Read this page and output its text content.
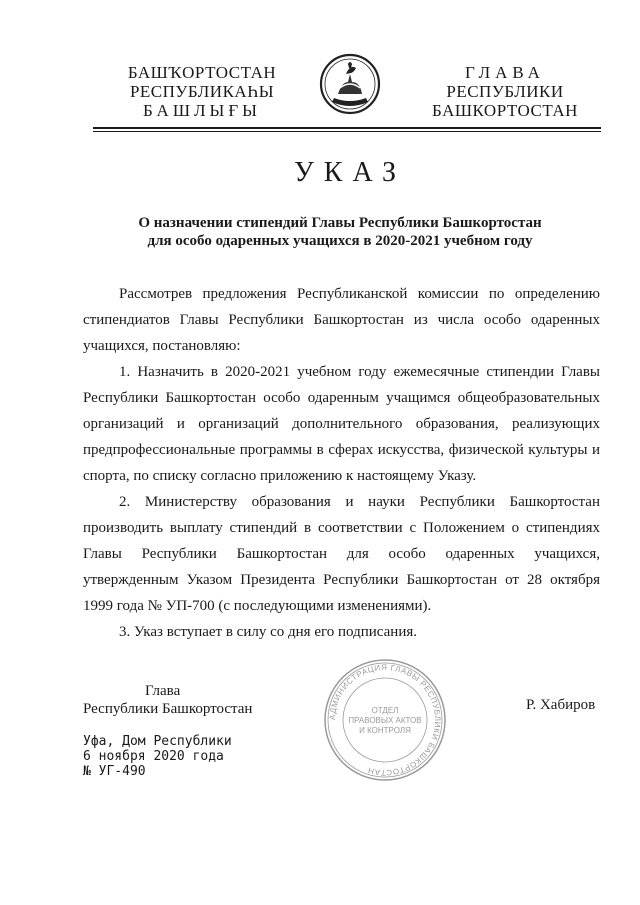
БАШҠОРТОСТАН
РЕСПУБЛИКАҺЫ
БАШЛЫҒЫ
ГЛАВА
РЕСПУБЛИКИ
БАШКОРТОСТАН
УКАЗ
О назначении стипендий Главы Республики Башкортостан
для особо одаренных учащихся в 2020-2021 учебном году
Рассмотрев предложения Республиканской комиссии по определению стипендиатов Главы Республики Башкортостан из числа особо одаренных учащихся, постановляю:
1. Назначить в 2020-2021 учебном году ежемесячные стипендии Главы Республики Башкортостан особо одаренным учащимся общеобразовательных организаций и организаций дополнительного образования, реализующих предпрофессиональные программы в сферах искусства, физической культуры и спорта, по списку согласно приложению к настоящему Указу.
2. Министерству образования и науки Республики Башкортостан производить выплату стипендий в соответствии с Положением о стипендиях Главы Республики Башкортостан для особо одаренных учащихся, утвержденным Указом Президента Республики Башкортостан от 28 октября 1999 года № УП-700 (с последующими изменениями).
3. Указ вступает в силу со дня его подписания.
Глава
Республики Башкортостан	АДМИНИСТРАЦИЯ ГЛАВЫ РЕСПУБЛИКИ БАШКОРТОСТАН
ОТДЕЛ
ПРАВОВЫХ АКТОВ
И КОНТРОЛЯ
Р. Хабиров
Уфа, Дом Республики
6 ноября 2020 года
№ УГ-490
